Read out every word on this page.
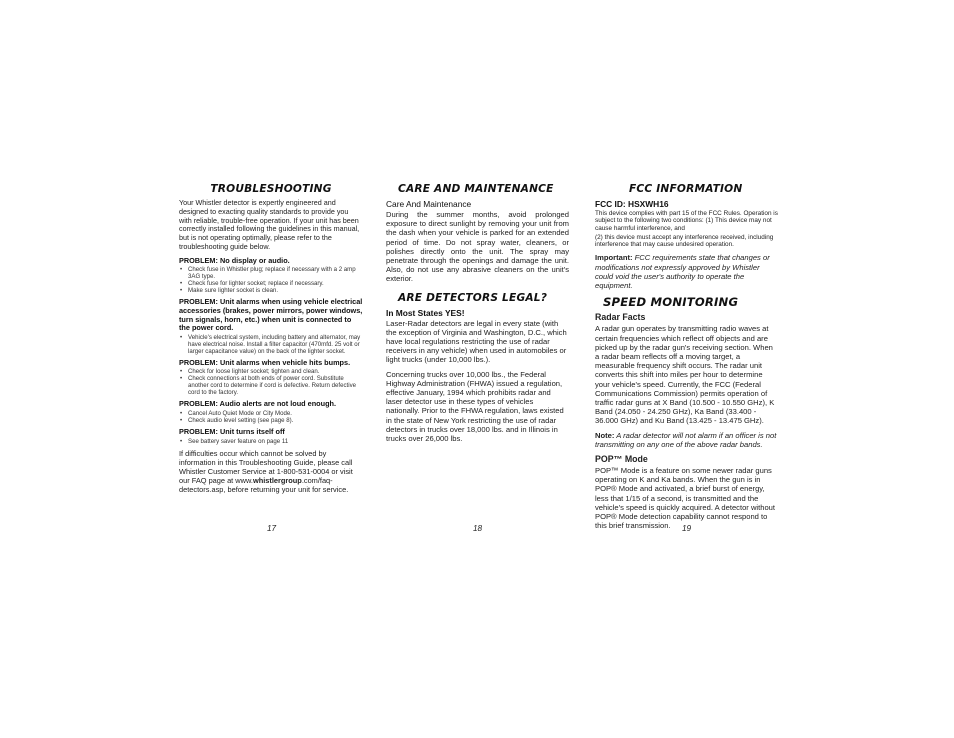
TROUBLESHOOTING

Your Whistler detector is expertly engineered and designed to exacting quality standards to provide you with reliable, trouble-free operation. If your unit has been correctly installed following the guidelines in this manual, but is not operating optimally, please refer to the troubleshooting guide below.

PROBLEM: No display or audio.
• Check fuse in Whistler plug; replace if necessary with a 2 amp 3AG type.
• Check fuse for lighter socket; replace if necessary.
• Make sure lighter socket is clean.
PROBLEM: Unit alarms when using vehicle electrical accessories (brakes, power mirrors, power windows, turn signals, horn, etc.) when unit is connected to the power cord.
• Vehicle's electrical system, including battery and alternator, may have electrical noise. Install a filter capacitor (470mfd. 25 volt or larger capacitance value) on the back of the lighter socket.
PROBLEM: Unit alarms when vehicle hits bumps.
• Check for loose lighter socket; tighten and clean.
• Check connections at both ends of power cord. Substitute another cord to determine if cord is defective. Return defective cord to the factory.
PROBLEM: Audio alerts are not loud enough.
• Cancel Auto Quiet Mode or City Mode.
• Check audio level setting (see page 8).
PROBLEM: Unit turns itself off
• See battery saver feature on page 11

If difficulties occur which cannot be solved by information in this Troubleshooting Guide, please call Whistler Customer Service at 1-800-531-0004 or visit our FAQ page at www.whistlergroup.com/faq-detectors.asp, before returning your unit for service.

CARE AND MAINTENANCE
Care And Maintenance

During the summer months, avoid prolonged exposure to direct sunlight by removing your unit from the dash when your vehicle is parked for an extended period of time. Do not spray water, cleaners, or polishes directly onto the unit. The spray may penetrate through the openings and damage the unit. Also, do not use any abrasive cleaners on the unit's exterior.

ARE DETECTORS LEGAL?
In Most States YES!

Laser-Radar detectors are legal in every state (with the exception of Virginia and Washington, D.C., which have local regulations restricting the use of radar receivers in any vehicle) when used in automobiles or light trucks (under 10,000 lbs.).

Concerning trucks over 10,000 lbs., the Federal Highway Administration (FHWA) issued a regulation, effective January, 1994 which prohibits radar and laser detector use in these types of vehicles nationally. Prior to the FHWA regulation, laws existed in the state of New York restricting the use of radar detectors in trucks over 18,000 lbs. and in Illinois in trucks over 26,000 lbs.

FCC INFORMATION
FCC ID: HSXWH16

This device complies with part 15 of the FCC Rules. Operation is subject to the following two conditions: (1) This device may not cause harmful interference, and

(2) this device must accept any interference received, including interference that may cause undesired operation.

Important: FCC requirements state that changes or modifications not expressly approved by Whistler could void the user's authority to operate the equipment.

SPEED MONITORING
Radar Facts

A radar gun operates by transmitting radio waves at certain frequencies which reflect off objects and are picked up by the radar gun's receiving section. When a radar beam reflects off a moving target, a measurable frequency shift occurs. The radar unit converts this shift into miles per hour to determine your vehicle's speed. Currently, the FCC (Federal Communications Commission) permits operation of traffic radar guns at X Band (10.500 - 10.550 GHz), K Band (24.050 - 24.250 GHz), Ka Band (33.400 - 36.000 GHz) and Ku Band (13.425 - 13.475 GHz).

Note: A radar detector will not alarm if an officer is not transmitting on any one of the above radar bands.

POP™ Mode

POP™ Mode is a feature on some newer radar guns operating on K and Ka bands. When the gun is in POP® Mode and activated, a brief burst of energy, less that 1/15 of a second, is transmitted and the vehicle's speed is quickly acquired. A detector without POP® Mode detection capability cannot respond to this brief transmission.

17	18	19
